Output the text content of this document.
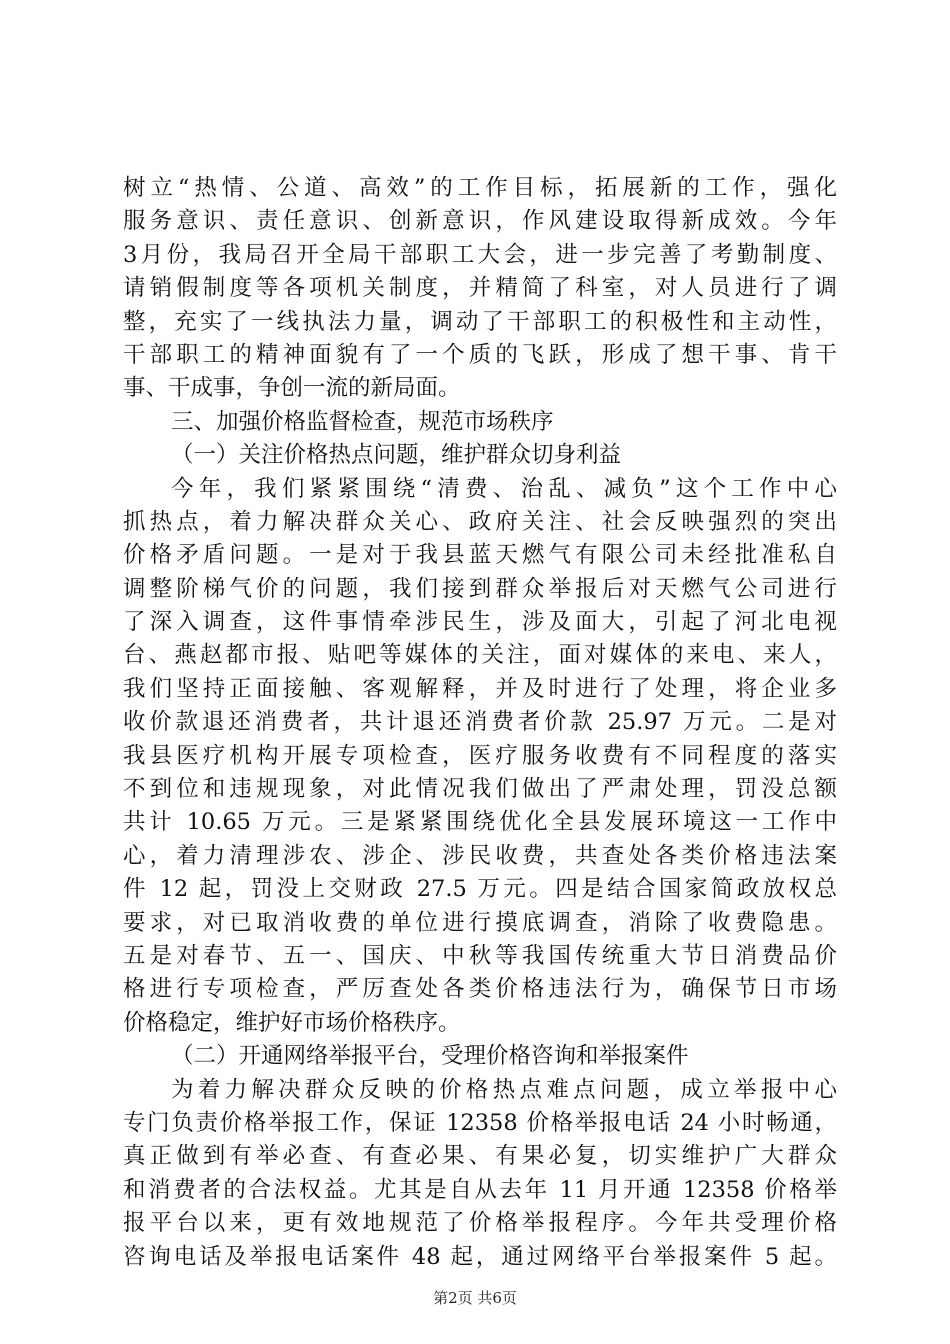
树立“热情、公道、高效”的工作目标，拓展新的工作，强化
服务意识、责任意识、创新意识，作风建设取得新成效。今年
3月份，我局召开全局干部职工大会，进一步完善了考勤制度、
请销假制度等各项机关制度，并精简了科室，对人员进行了调
整，充实了一线执法力量，调动了干部职工的积极性和主动性，
干部职工的精神面貌有了一个质的飞跃，形成了想干事、肯干
事、干成事，争创一流的新局面。
三、加强价格监督检查，规范市场秩序
（一）关注价格热点问题，维护群众切身利益
今年，我们紧紧围绕“清费、治乱、减负”这个工作中心
抓热点，着力解决群众关心、政府关注、社会反映强烈的突出
价格矛盾问题。一是对于我县蓝天燃气有限公司未经批准私自
调整阶梯气价的问题，我们接到群众举报后对天燃气公司进行
了深入调查，这件事情牵涉民生，涉及面大，引起了河北电视
台、燕赵都市报、贴吧等媒体的关注，面对媒体的来电、来人，
我们坚持正面接触、客观解释，并及时进行了处理，将企业多
收价款退还消费者，共计退还消费者价款 25.97 万元。二是对
我县医疗机构开展专项检查，医疗服务收费有不同程度的落实
不到位和违规现象，对此情况我们做出了严肃处理，罚没总额
共计 10.65 万元。三是紧紧围绕优化全县发展环境这一工作中
心，着力清理涉农、涉企、涉民收费，共查处各类价格违法案
件 12 起，罚没上交财政 27.5 万元。四是结合国家简政放权总
要求，对已取消收费的单位进行摸底调查，消除了收费隐患。
五是对春节、五一、国庆、中秋等我国传统重大节日消费品价
格进行专项检查，严厉查处各类价格违法行为，确保节日市场
价格稳定，维护好市场价格秩序。
（二）开通网络举报平台，受理价格咨询和举报案件
为着力解决群众反映的价格热点难点问题，成立举报中心
专门负责价格举报工作，保证 12358 价格举报电话 24 小时畅通，
真正做到有举必查、有查必果、有果必复，切实维护广大群众
和消费者的合法权益。尤其是自从去年 11 月开通 12358 价格举
报平台以来，更有效地规范了价格举报程序。今年共受理价格
咨询电话及举报电话案件 48 起，通过网络平台举报案件 5 起。
第2页 共6页
